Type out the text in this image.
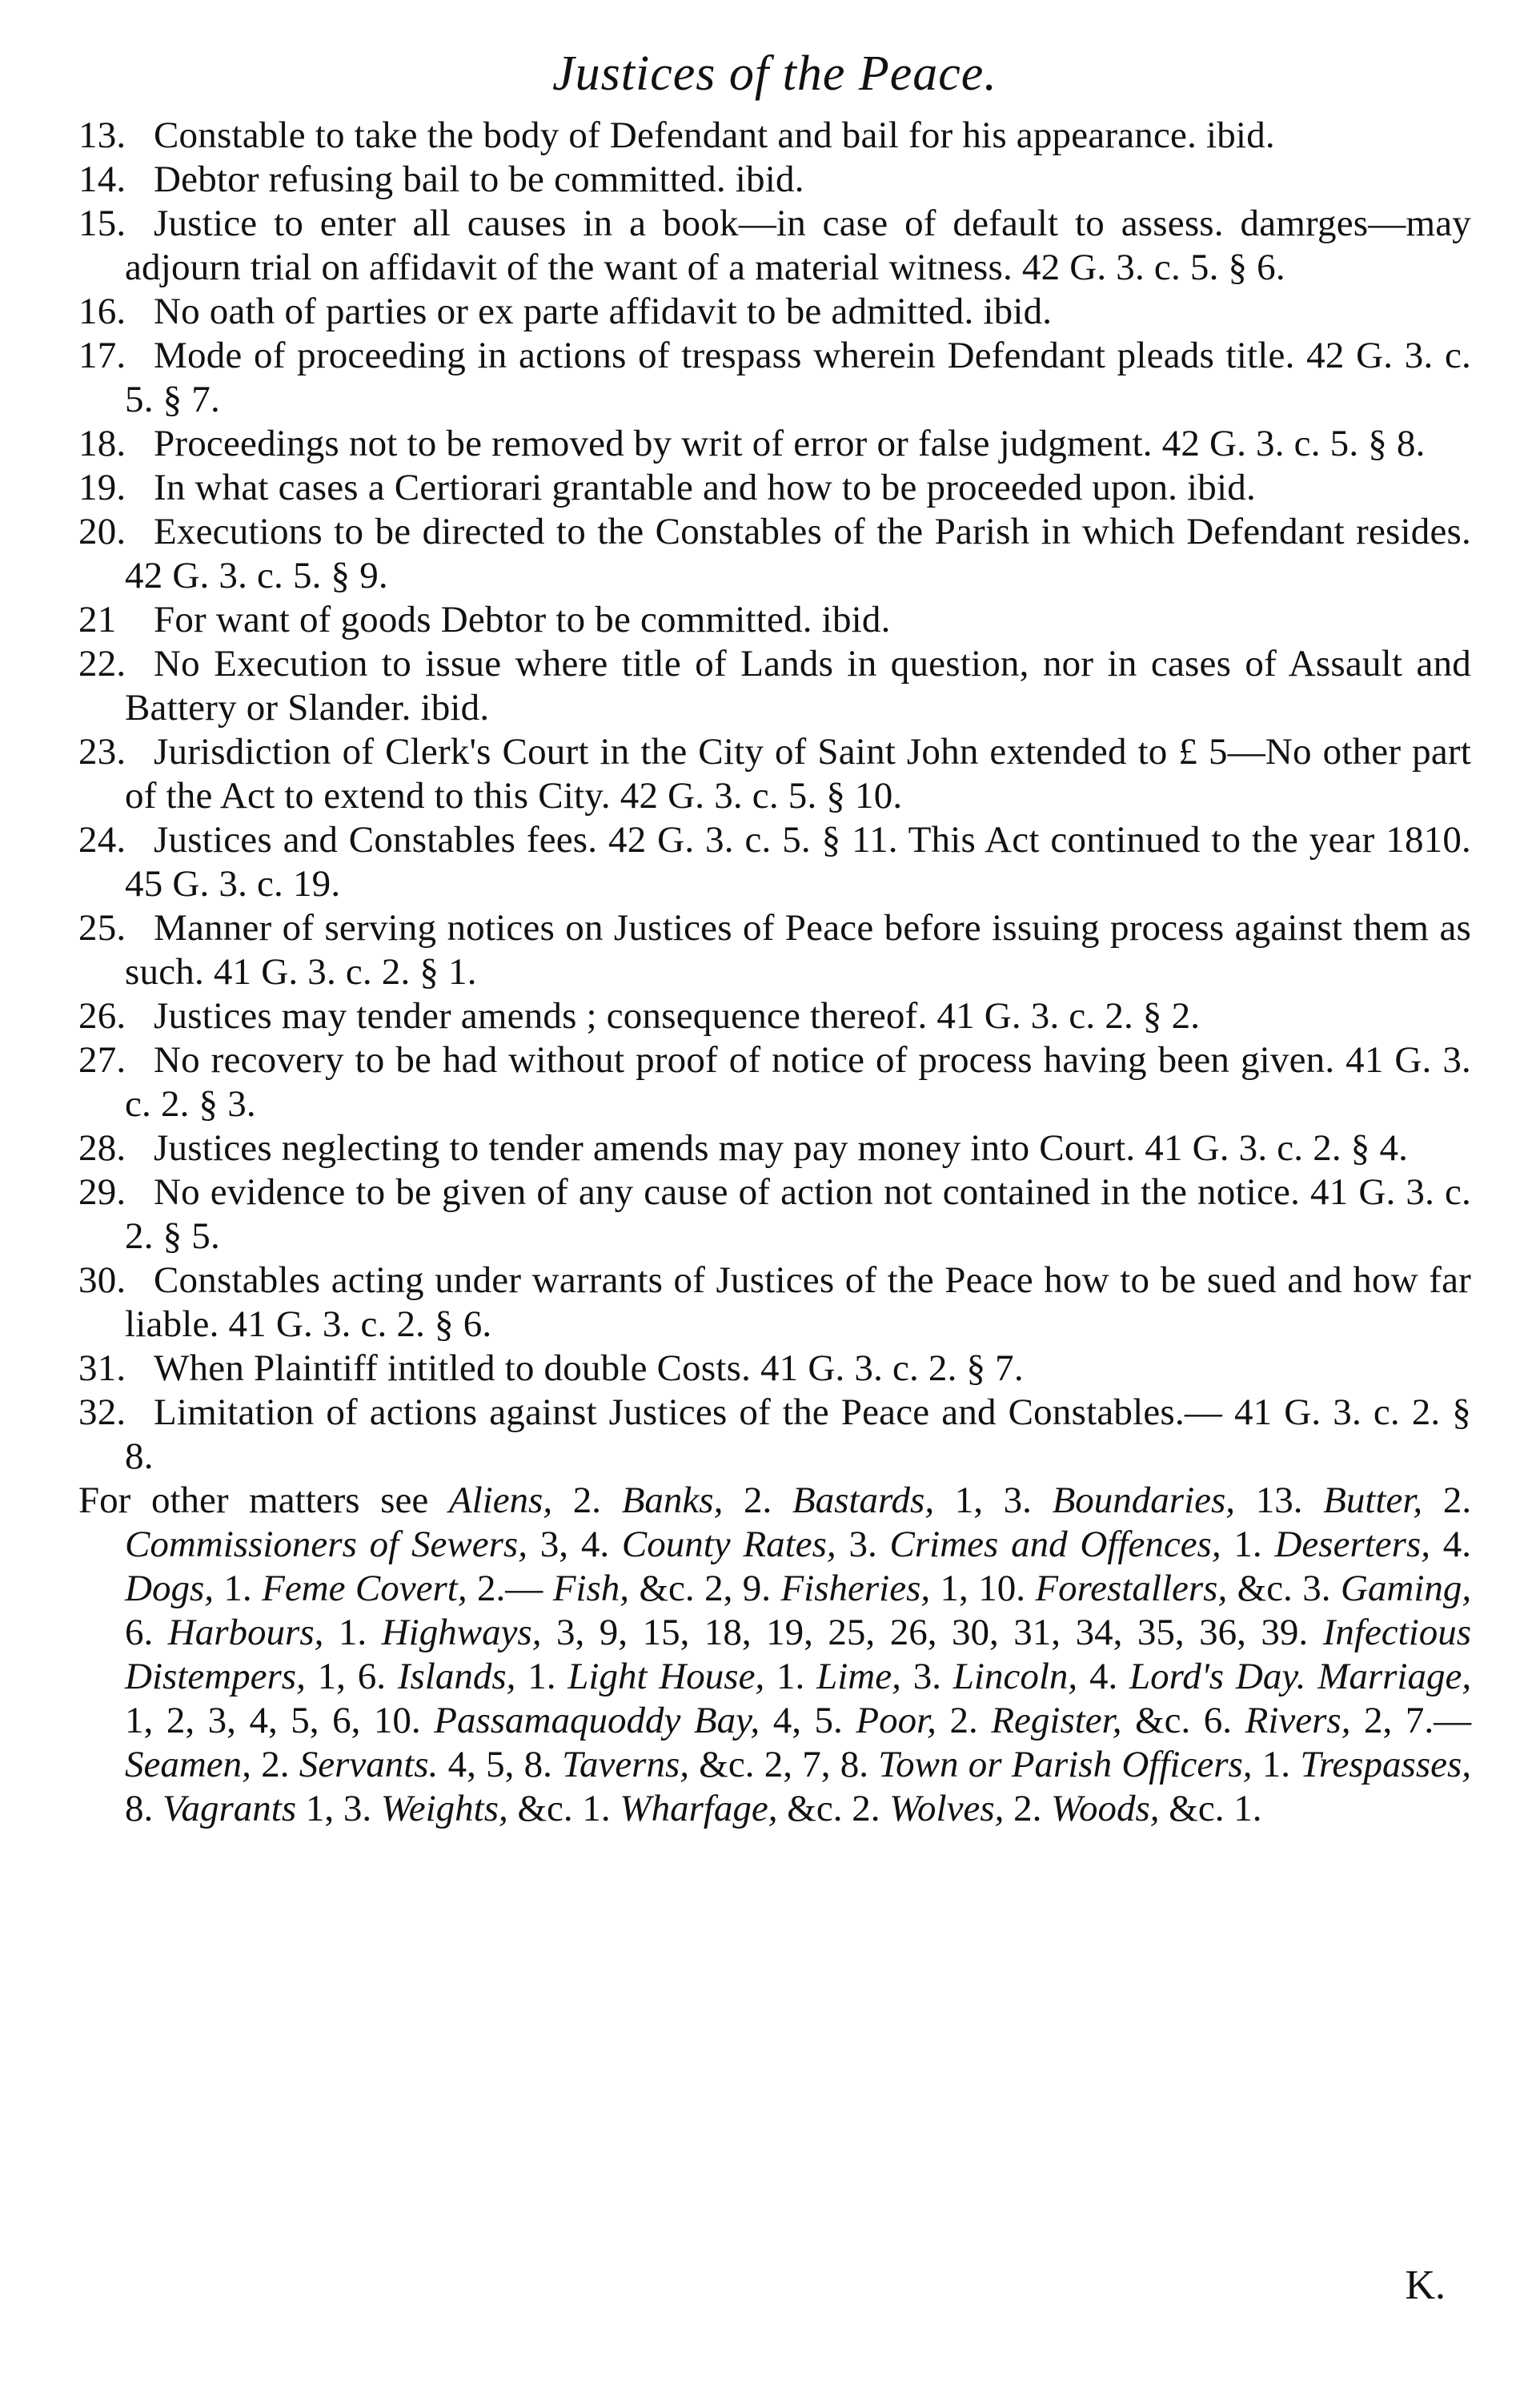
Justices of the Peace.
13. Constable to take the body of Defendant and bail for his appearance. ibid.
14. Debtor refusing bail to be committed. ibid.
15. Justice to enter all causes in a book—in case of default to assess. damrges—may adjourn trial on affidavit of the want of a material witness. 42 G. 3. c. 5. § 6.
16. No oath of parties or ex parte affidavit to be admitted. ibid.
17. Mode of proceeding in actions of trespass wherein Defendant pleads title. 42 G. 3. c. 5. § 7.
18. Proceedings not to be removed by writ of error or false judgment. 42 G. 3. c. 5. § 8.
19. In what cases a Certiorari grantable and how to be proceeded upon. ibid.
20. Executions to be directed to the Constables of the Parish in which Defendant resides. 42 G. 3. c. 5. § 9.
21 For want of goods Debtor to be committed. ibid.
22. No Execution to issue where title of Lands in question, nor in cases of Assault and Battery or Slander. ibid.
23. Jurisdiction of Clerk's Court in the City of Saint John extended to £ 5—No other part of the Act to extend to this City. 42 G. 3. c. 5. § 10.
24. Justices and Constables fees. 42 G. 3. c. 5. § 11. This Act continued to the year 1810. 45 G. 3. c. 19.
25. Manner of serving notices on Justices of Peace before issuing process against them as such. 41 G. 3. c. 2. § 1.
26. Justices may tender amends ; consequence thereof. 41 G. 3. c. 2. § 2.
27. No recovery to be had without proof of notice of process having been given. 41 G. 3. c. 2. § 3.
28. Justices neglecting to tender amends may pay money into Court. 41 G. 3. c. 2. § 4.
29. No evidence to be given of any cause of action not contained in the notice. 41 G. 3. c. 2. § 5.
30. Constables acting under warrants of Justices of the Peace how to be sued and how far liable. 41 G. 3. c. 2. § 6.
31. When Plaintiff intitled to double Costs. 41 G. 3. c. 2. § 7.
32. Limitation of actions against Justices of the Peace and Constables.— 41 G. 3. c. 2. § 8.

For other matters see Aliens, 2. Banks, 2. Bastards, 1, 3. Boundaries, 13. Butter, 2. Commissioners of Sewers, 3, 4. County Rates, 3. Crimes and Offences, 1. Deserters, 4. Dogs, 1. Feme Covert, 2.— Fish, &c. 2, 9. Fisheries, 1, 10. Forestallers, &c. 3. Gaming, 6. Harbours, 1. Highways, 3, 9, 15, 18, 19, 25, 26, 30, 31, 34, 35, 36, 39. Infectious Distempers, 1, 6. Islands, 1. Light House, 1. Lime, 3. Lincoln, 4. Lord's Day. Marriage, 1, 2, 3, 4, 5, 6, 10. Passamaquoddy Bay, 4, 5. Poor, 2. Register, &c. 6. Rivers, 2, 7.— Seamen, 2. Servants. 4, 5, 8. Taverns, &c. 2, 7, 8. Town or Parish Officers, 1. Trespasses, 8. Vagrants 1, 3. Weights, &c. 1. Wharfage, &c. 2. Wolves, 2. Woods, &c. 1.

K.
